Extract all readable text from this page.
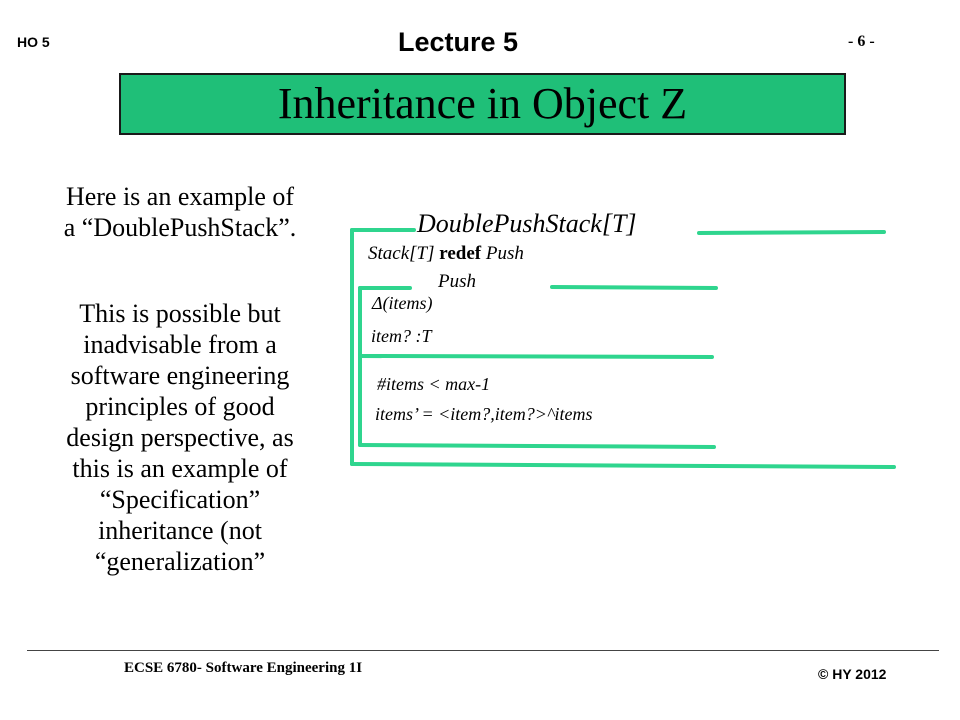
HO 5	Lecture 5	- 6 -
Inheritance in Object Z
Here is an example of
a “DoublePushStack”.
This is possible but
inadvisable from a
software engineering
principles of good
design perspective, as
this is an example of
“Specification”
inheritance (not
“generalization”
DoublePushStack[T]
Stack[T] redef Push
Push
Δ(items)
item? :T
#items < max-1
items’ = <item?,item?>^items
ECSE 6780- Software Engineering 1I	© HY 2012
